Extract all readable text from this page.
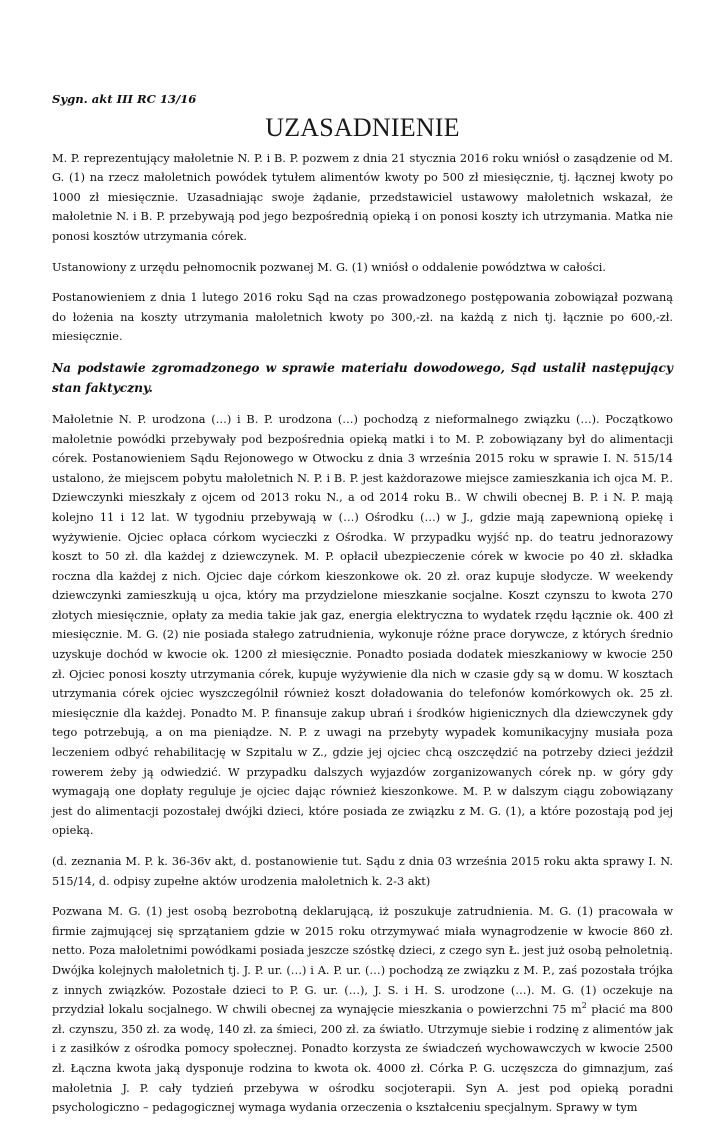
Sygn. akt III RC 13/16
UZASADNIENIE

M. P. reprezentujący małoletnie N. P. i B. P. pozwem z dnia 21 stycznia 2016 roku wniósł o zasądzenie od M. G. (1) na rzecz małoletnich powódek tytułem alimentów kwoty po 500 zł miesięcznie, tj. łącznej kwoty po 1000 zł miesięcznie. Uzasadniając swoje żądanie, przedstawiciel ustawowy małoletnich wskazał, że małoletnie N. i B. P. przebywają pod jego bezpośrednią opieką i on ponosi koszty ich utrzymania. Matka nie ponosi kosztów utrzymania córek.

Ustanowiony z urzędu pełnomocnik pozwanej M. G. (1) wniósł o oddalenie powództwa w całości.

Postanowieniem z dnia 1 lutego 2016 roku Sąd na czas prowadzonego postępowania zobowiązał pozwaną do łożenia na koszty utrzymania małoletnich kwoty po 300,-zł. na każdą z nich tj. łącznie po 600,-zł. miesięcznie.

Na podstawie zgromadzonego w sprawie materiału dowodowego, Sąd ustalił następujący stan faktyczny.

Małoletnie N. P. urodzona (…) i B. P. urodzona (…) pochodzą z nieformalnego związku (…). Początkowo małoletnie powódki przebywały pod bezpośrednia opieką matki i to M. P. zobowiązany był do alimentacji córek. Postanowieniem Sądu Rejonowego w Otwocku z dnia 3 września 2015 roku w sprawie I. N. 515/14 ustalono, że miejscem pobytu małoletnich N. P. i B. P. jest każdorazowe miejsce zamieszkania ich ojca M. P.. Dziewczynki mieszkały z ojcem od 2013 roku N., a od 2014 roku B.. W chwili obecnej B. P. i N. P. mają kolejno 11 i 12 lat. W tygodniu przebywają w (…) Ośrodku (…) w J., gdzie mają zapewnioną opiekę i wyżywienie. Ojciec opłaca córkom wycieczki z Ośrodka. W przypadku wyjść np. do teatru jednorazowy koszt to 50 zł. dla każdej z dziewczynek. M. P. opłacił ubezpieczenie córek w kwocie po 40 zł. składka roczna dla każdej z nich. Ojciec daje córkom kieszonkowe ok. 20 zł. oraz kupuje słodycze. W weekendy dziewczynki zamieszkują u ojca, który ma przydzielone mieszkanie socjalne. Koszt czynszu to kwota 270 złotych miesięcznie, opłaty za media takie jak gaz, energia elektryczna to wydatek rzędu łącznie ok. 400 zł miesięcznie. M. G. (2) nie posiada stałego zatrudnienia, wykonuje różne prace dorywcze, z których średnio uzyskuje dochód w kwocie ok. 1200 zł miesięcznie. Ponadto posiada dodatek mieszkaniowy w kwocie 250 zł. Ojciec ponosi koszty utrzymania córek, kupuje wyżywienie dla nich w czasie gdy są w domu. W kosztach utrzymania córek ojciec wyszczególnił również koszt doładowania do telefonów komórkowych ok. 25 zł. miesięcznie dla każdej. Ponadto M. P. finansuje zakup ubrań i środków higienicznych dla dziewczynek gdy tego potrzebują, a on ma pieniądze. N. P. z uwagi na przebyty wypadek komunikacyjny musiała poza leczeniem odbyć rehabilitację w Szpitalu w Z., gdzie jej ojciec chcą oszczędzić na potrzeby dzieci jeździł rowerem żeby ją odwiedzić. W przypadku dalszych wyjazdów zorganizowanych córek np. w góry gdy wymagają one dopłaty reguluje je ojciec dając również kieszonkowe. M. P. w dalszym ciągu zobowiązany jest do alimentacji pozostałej dwójki dzieci, które posiada ze związku z M. G. (1), a które pozostają pod jej opieką.

(d. zeznania M. P. k. 36-36v akt, d. postanowienie tut. Sądu z dnia 03 września 2015 roku akta sprawy I. N. 515/14, d. odpisy zupełne aktów urodzenia małoletnich k. 2-3 akt)

Pozwana M. G. (1) jest osobą bezrobotną deklarującą, iż poszukuje zatrudnienia. M. G. (1) pracowała w firmie zajmującej się sprzątaniem gdzie w 2015 roku otrzymywać miała wynagrodzenie w kwocie 860 zł. netto. Poza małoletnimi powódkami posiada jeszcze szóstkę dzieci, z czego syn Ł. jest już osobą pełnoletnią. Dwójka kolejnych małoletnich tj. J. P. ur. (…) i A. P. ur. (…) pochodzą ze związku z M. P., zaś pozostała trójka z innych związków. Pozostałe dzieci to P. G. ur. (…), J. S. i H. S. urodzone (…). M. G. (1) oczekuje na przydział lokalu socjalnego. W chwili obecnej za wynajęcie mieszkania o powierzchni 75 $m^2$ płacić ma 800 zł. czynszu, 350 zł. za wodę, 140 zł. za śmieci, 200 zł. za światło. Utrzymuje siebie i rodzinę z alimentów jak i z zasiłków z ośrodka pomocy społecznej. Ponadto korzysta ze świadczeń wychowawczych w kwocie 2500 zł. Łączna kwota jaką dysponuje rodzina to kwota ok. 4000 zł. Córka P. G. uczęszcza do gimnazjum, zaś małoletnia J. P. cały tydzień przebywa w ośrodku socjoterapii. Syn A. jest pod opieką poradni psychologiczno – pedagogicznej wymaga wydania orzeczenia o kształceniu specjalnym. Sprawy w tym
